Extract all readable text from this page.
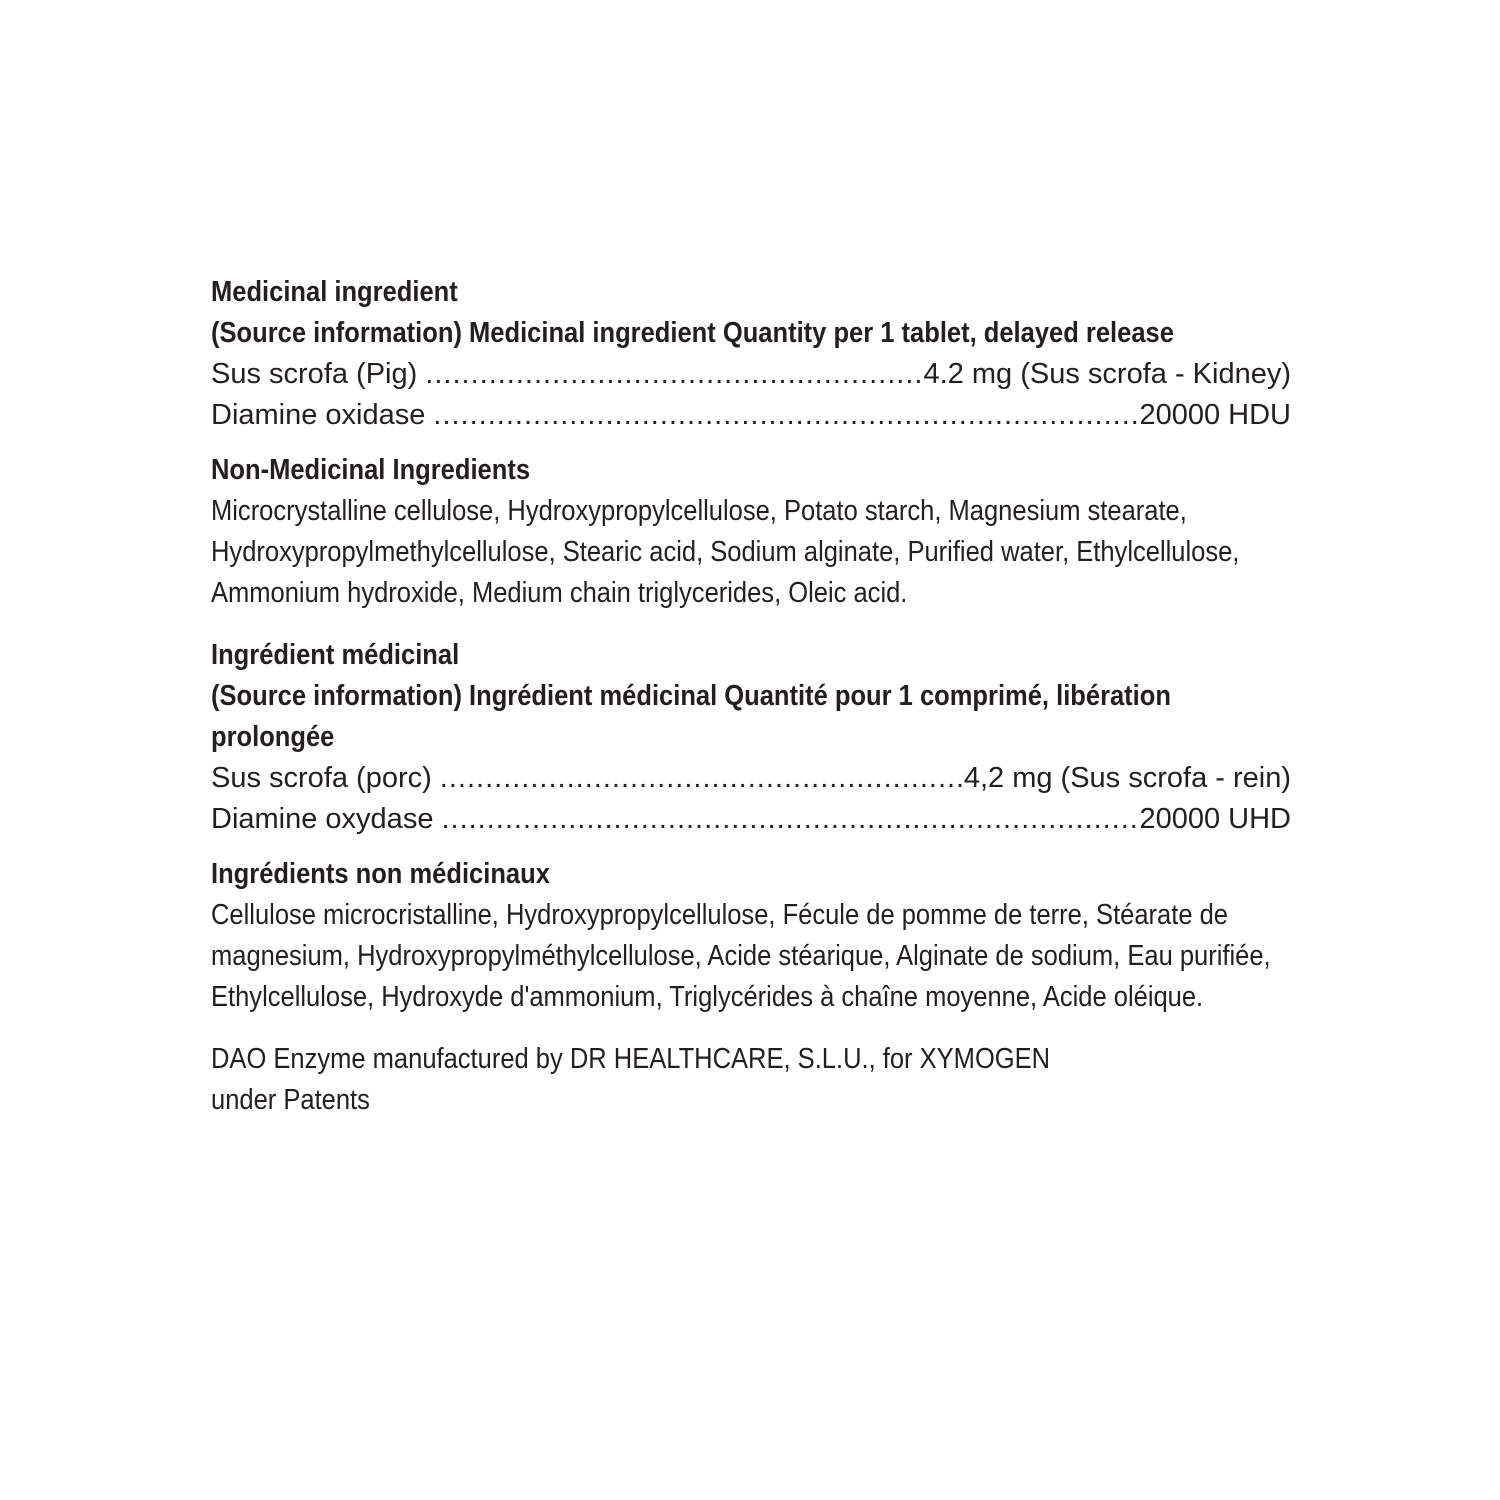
Medicinal ingredient
(Source information) Medicinal ingredient Quantity per 1 tablet, delayed release
Sus scrofa (Pig) .....	4.2 mg (Sus scrofa - Kidney)
Diamine oxidase .....	20000 HDU
Non-Medicinal Ingredients
Microcrystalline cellulose, Hydroxypropylcellulose, Potato starch, Magnesium stearate, Hydroxypropylmethylcellulose, Stearic acid, Sodium alginate, Purified water, Ethylcellulose, Ammonium hydroxide, Medium chain triglycerides, Oleic acid.
Ingrédient médicinal
(Source information) Ingrédient médicinal Quantité pour 1 comprimé, libération prolongée
Sus scrofa (porc) .....	4,2 mg (Sus scrofa - rein)
Diamine oxydase .....	20000 UHD
Ingrédients non médicinaux
Cellulose microcristalline, Hydroxypropylcellulose, Fécule de pomme de terre, Stéarate de magnesium, Hydroxypropylméthylcellulose, Acide stéarique, Alginate de sodium, Eau purifiée, Ethylcellulose, Hydroxyde d'ammonium, Triglycérides à chaîne moyenne, Acide oléique.
DAO Enzyme manufactured by DR HEALTHCARE, S.L.U., for XYMOGEN
under Patents
